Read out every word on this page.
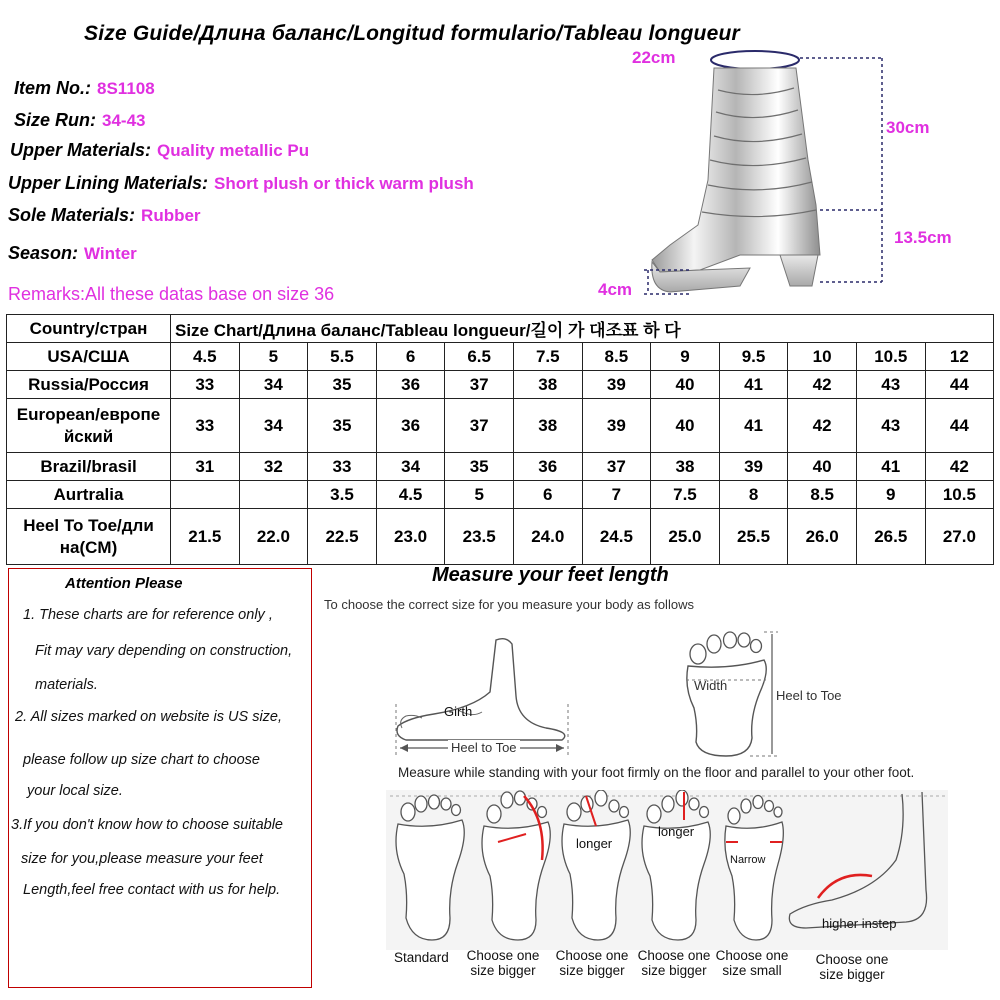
Size Guide/Длина баланс/Longitud formulario/Tableau longueur
Item No.: 8S1108
Size Run: 34-43
Upper Materials: Quality metallic Pu
Upper Lining Materials: Short plush or thick warm plush
Sole Materials: Rubber
Season: Winter
Remarks:All these datas base on size 36
22cm
30cm
13.5cm
4cm
Country/стран	Size Chart/Длина баланс/Tableau longueur/길이 가 대조표 하 다											
USA/США	4.5	5	5.5	6	6.5	7.5	8.5	9	9.5	10	10.5	12
Russia/Россия	33	34	35	36	37	38	39	40	41	42	43	44
European/европе йский	33	34	35	36	37	38	39	40	41	42	43	44
Brazil/brasil	31	32	33	34	35	36	37	38	39	40	41	42
Aurtralia			3.5	4.5	5	6	7	7.5	8	8.5	9	10.5
Heel To Toe/дли на(CM)	21.5	22.0	22.5	23.0	23.5	24.0	24.5	25.0	25.5	26.0	26.5	27.0
Attention Please
1. These charts are for reference only ,
Fit may vary depending on construction,
materials.
2. All sizes marked on website is US size,
please follow up size chart to choose
your local size.
3.If you don't know how to choose suitable
size for you,please measure your feet
Length,feel free contact with us for help.
Measure your feet length
To choose the correct size for you measure your body as follows
Girth
Heel to Toe
Width
Heel to Toe
Measure while standing with your foot firmly on the floor and parallel to your other foot.
longer
longer
Narrow
higher instep
Standard Choose one size bigger
Choose one size bigger
Choose one size bigger
Choose one size small
Choose one size bigger
